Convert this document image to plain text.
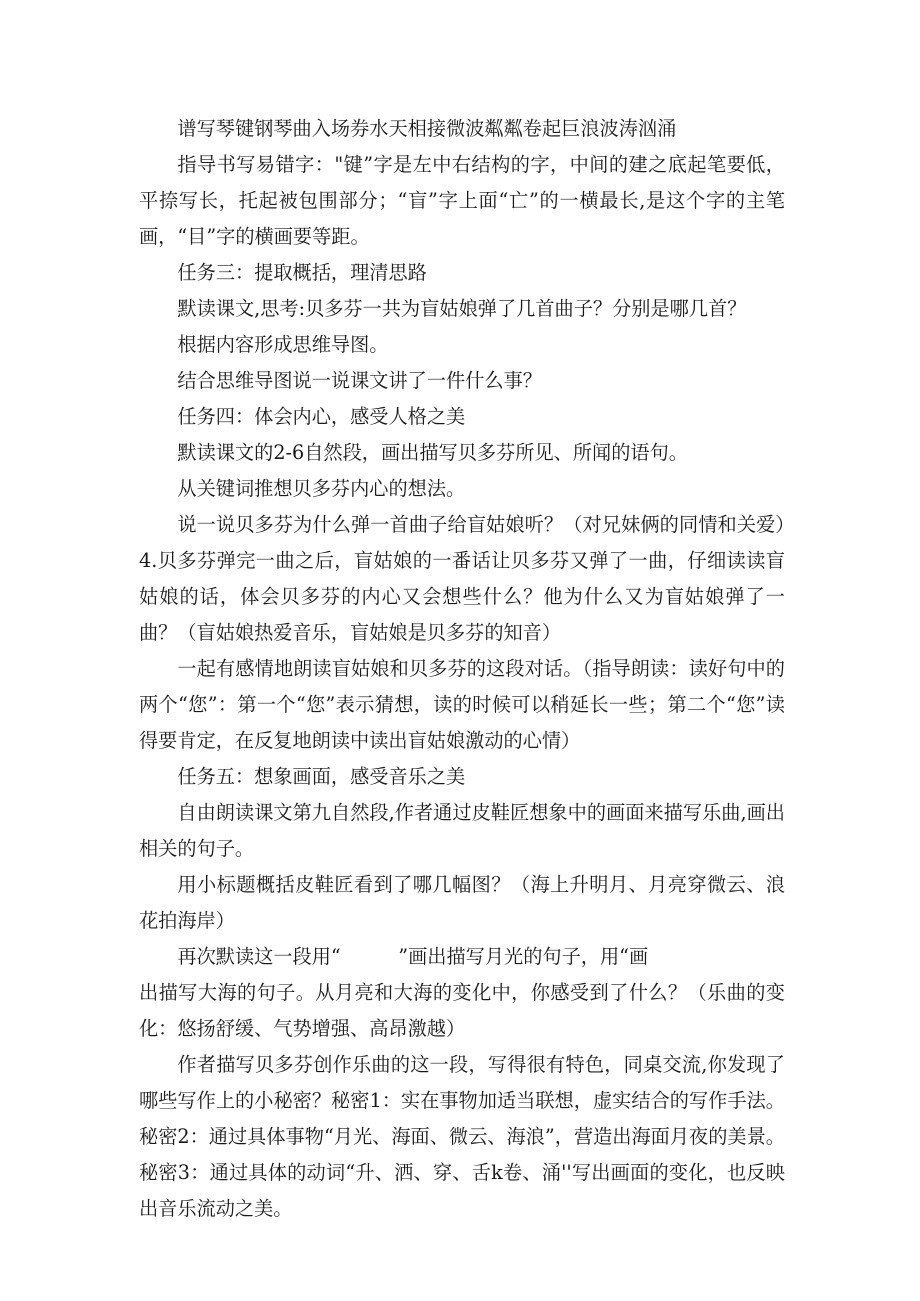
谱写琴键钢琴曲入场券水天相接微波粼粼卷起巨浪波涛汹涌

指导书写易错字："键”字是左中右结构的字，中间的建之底起笔要低，平捺写长，托起被包围部分；“盲”字上面“亡”的一横最长,是这个字的主笔画，“目”字的横画要等距。

任务三：提取概括，理清思路

默读课文,思考:贝多芬一共为盲姑娘弹了几首曲子？分别是哪几首？

根据内容形成思维导图。

结合思维导图说一说课文讲了一件什么事？

任务四：体会内心，感受人格之美

默读课文的2-6自然段，画出描写贝多芬所见、所闻的语句。

从关键词推想贝多芬内心的想法。

说一说贝多芬为什么弹一首曲子给盲姑娘听？（对兄妹俩的同情和关爱）4.贝多芬弹完一曲之后，盲姑娘的一番话让贝多芬又弹了一曲，仔细读读盲姑娘的话，体会贝多芬的内心又会想些什么？他为什么又为盲姑娘弹了一曲？（盲姑娘热爱音乐，盲姑娘是贝多芬的知音）

一起有感情地朗读盲姑娘和贝多芬的这段对话。（指导朗读：读好句中的两个“您”：第一个“您”表示猜想，读的时候可以稍延长一些；第二个“您”读得要肯定，在反复地朗读中读出盲姑娘激动的心情）

任务五：想象画面，感受音乐之美

自由朗读课文第九自然段,作者通过皮鞋匠想象中的画面来描写乐曲,画出相关的句子。

用小标题概括皮鞋匠看到了哪几幅图？（海上升明月、月亮穿微云、浪花拍海岸）

再次默读这一段用“　　　”画出描写月光的句子，用“画

出描写大海的句子。从月亮和大海的变化中，你感受到了什么？（乐曲的变化：悠扬舒缓、气势增强、高昂激越）

作者描写贝多芬创作乐曲的这一段，写得很有特色，同桌交流,你发现了哪些写作上的小秘密？秘密1：实在事物加适当联想，虚实结合的写作手法。秘密2：通过具体事物“月光、海面、微云、海浪”，营造出海面月夜的美景。秘密3：通过具体的动词“升、洒、穿、舌k卷、涌''写出画面的变化，也反映出音乐流动之美。
